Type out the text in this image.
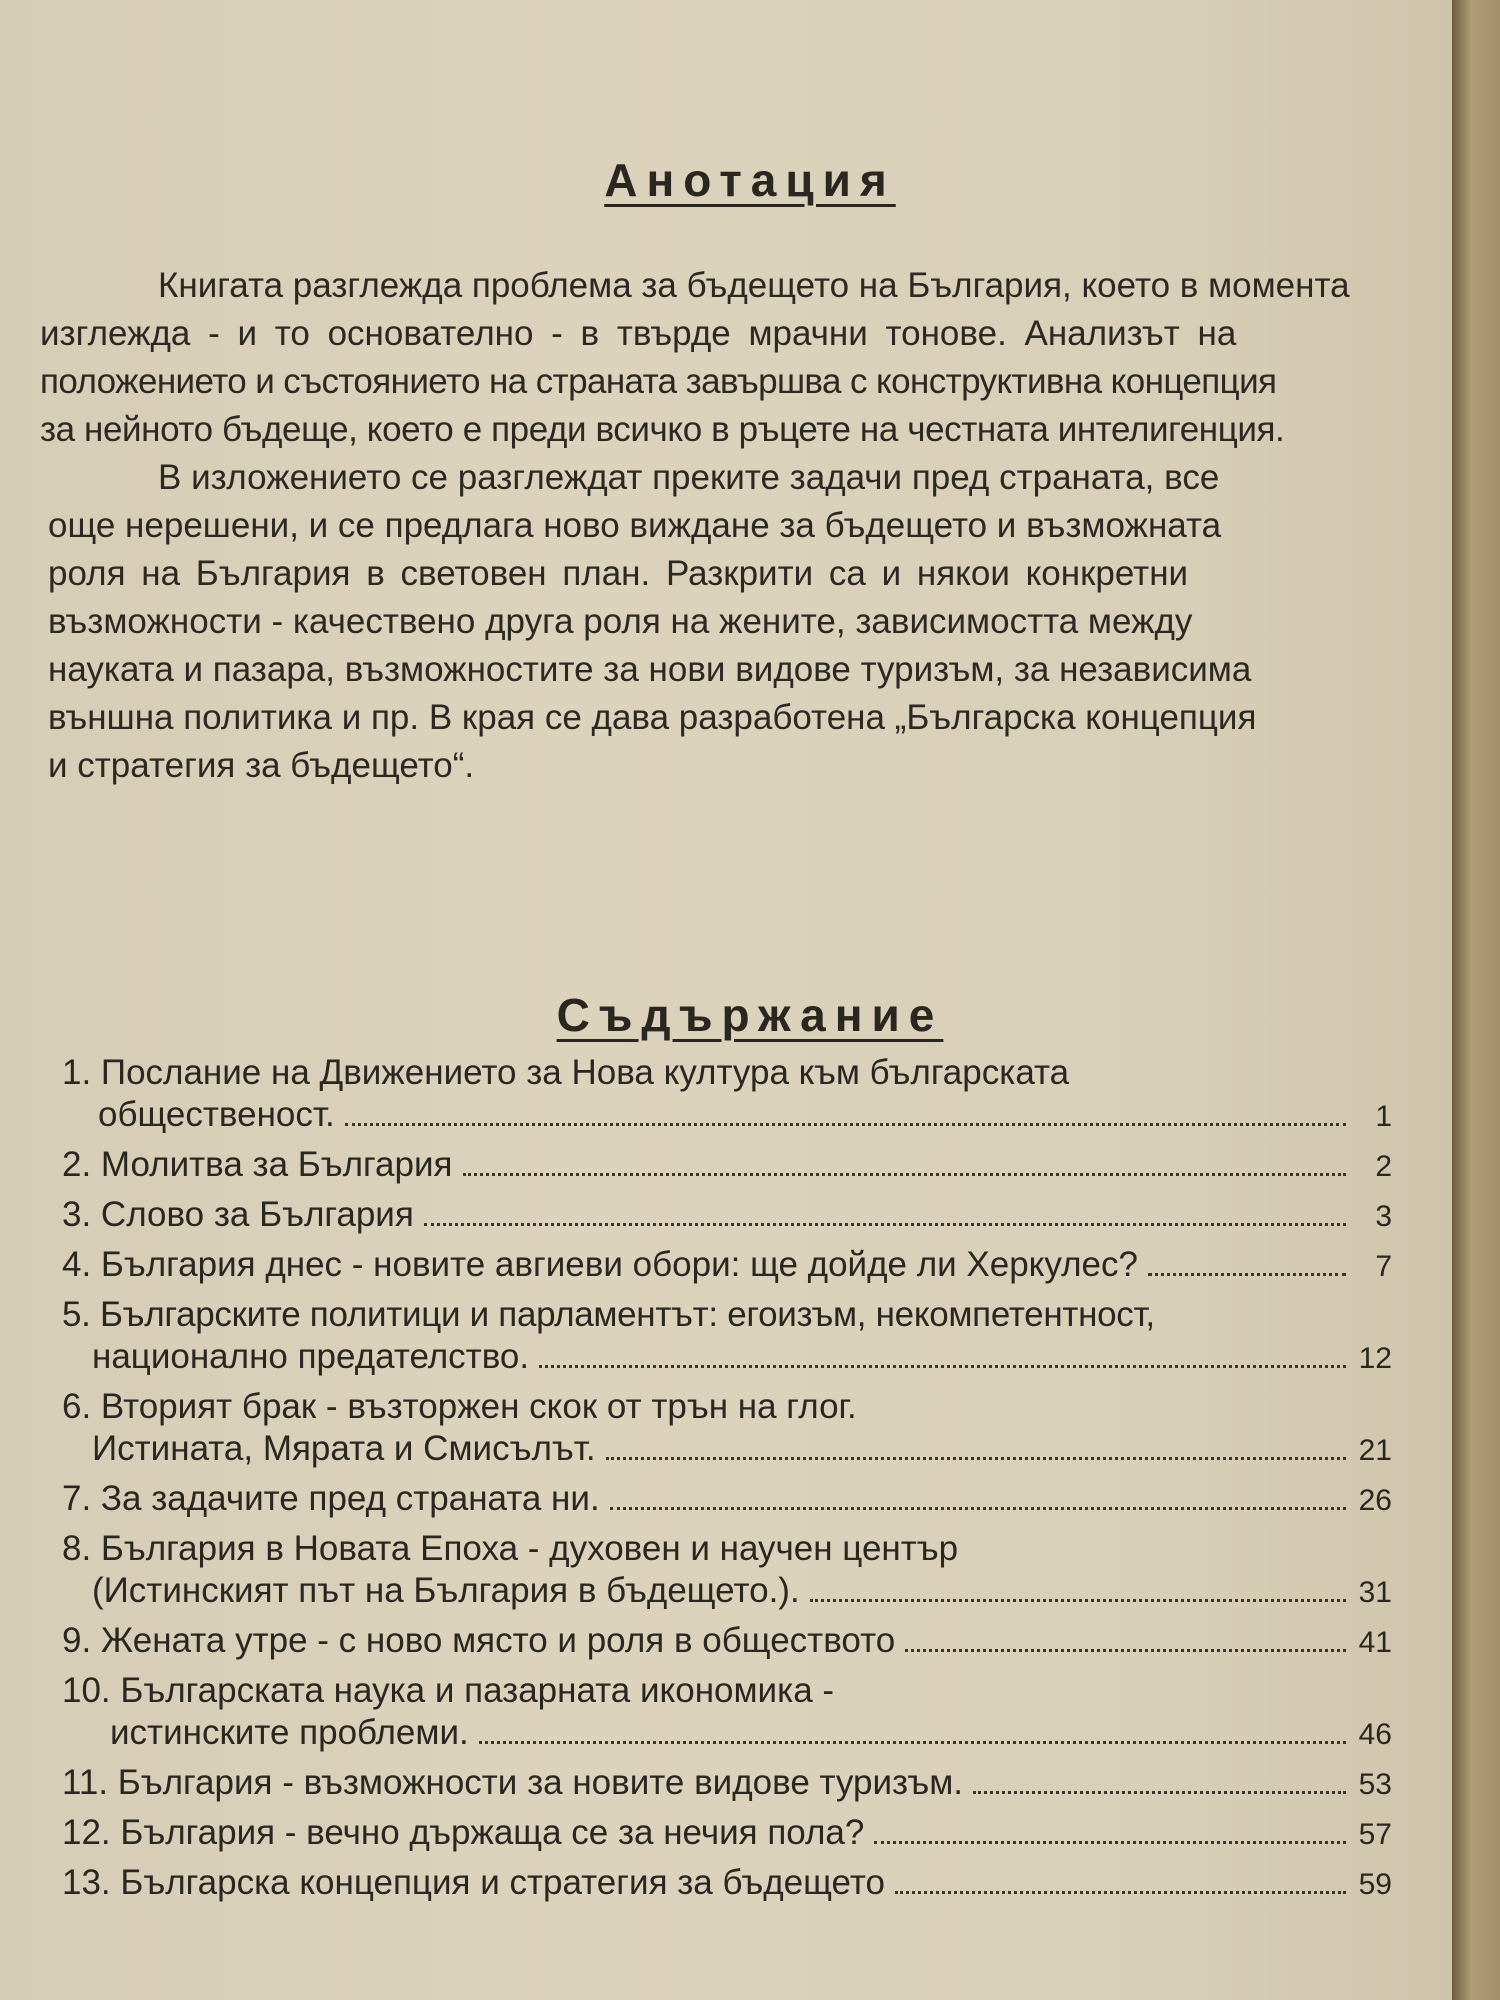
Анотация
Книгата разглежда проблема за бъдещето на България, което в момента
изглежда - и то основателно - в твърде мрачни тонове. Анализът на
положението и състоянието на страната завършва с конструктивна концепция
за нейното бъдеще, което е преди всичко в ръцете на честната интелигенция.
В изложението се разглеждат преките задачи пред страната, все
още нерешени, и се предлага ново виждане за бъдещето и възможната
роля на България в световен план. Разкрити са и някои конкретни
възможности - качествено друга роля на жените, зависимостта между
науката и пазара, възможностите за нови видове туризъм, за независима
външна политика и пр. В края се дава разработена „Българска концепция
и стратегия за бъдещето“.
Съдържание
1. Послание на Движението за Нова култура към българската
общественост.	1
2. Молитва за България	2
3. Слово за България	3
4. България днес - новите авгиеви обори: ще дойде ли Херкулес?	7
5. Българските политици и парламентът: егоизъм, некомпетентност,
национално предателство.	12
6. Вторият брак - възторжен скок от трън на глог.
Истината, Мярата и Смисълът.	21
7. За задачите пред страната ни.	26
8. България в Новата Епоха - духовен и научен център
(Истинският път на България в бъдещето.).	31
9. Жената утре - с ново място и роля в обществото	41
10. Българската наука и пазарната икономика -
истинските проблеми.	46
11. България - възможности за новите видове туризъм.	53
12. България - вечно държаща се за нечия пола?	57
13. Българска концепция и стратегия за бъдещето	59
